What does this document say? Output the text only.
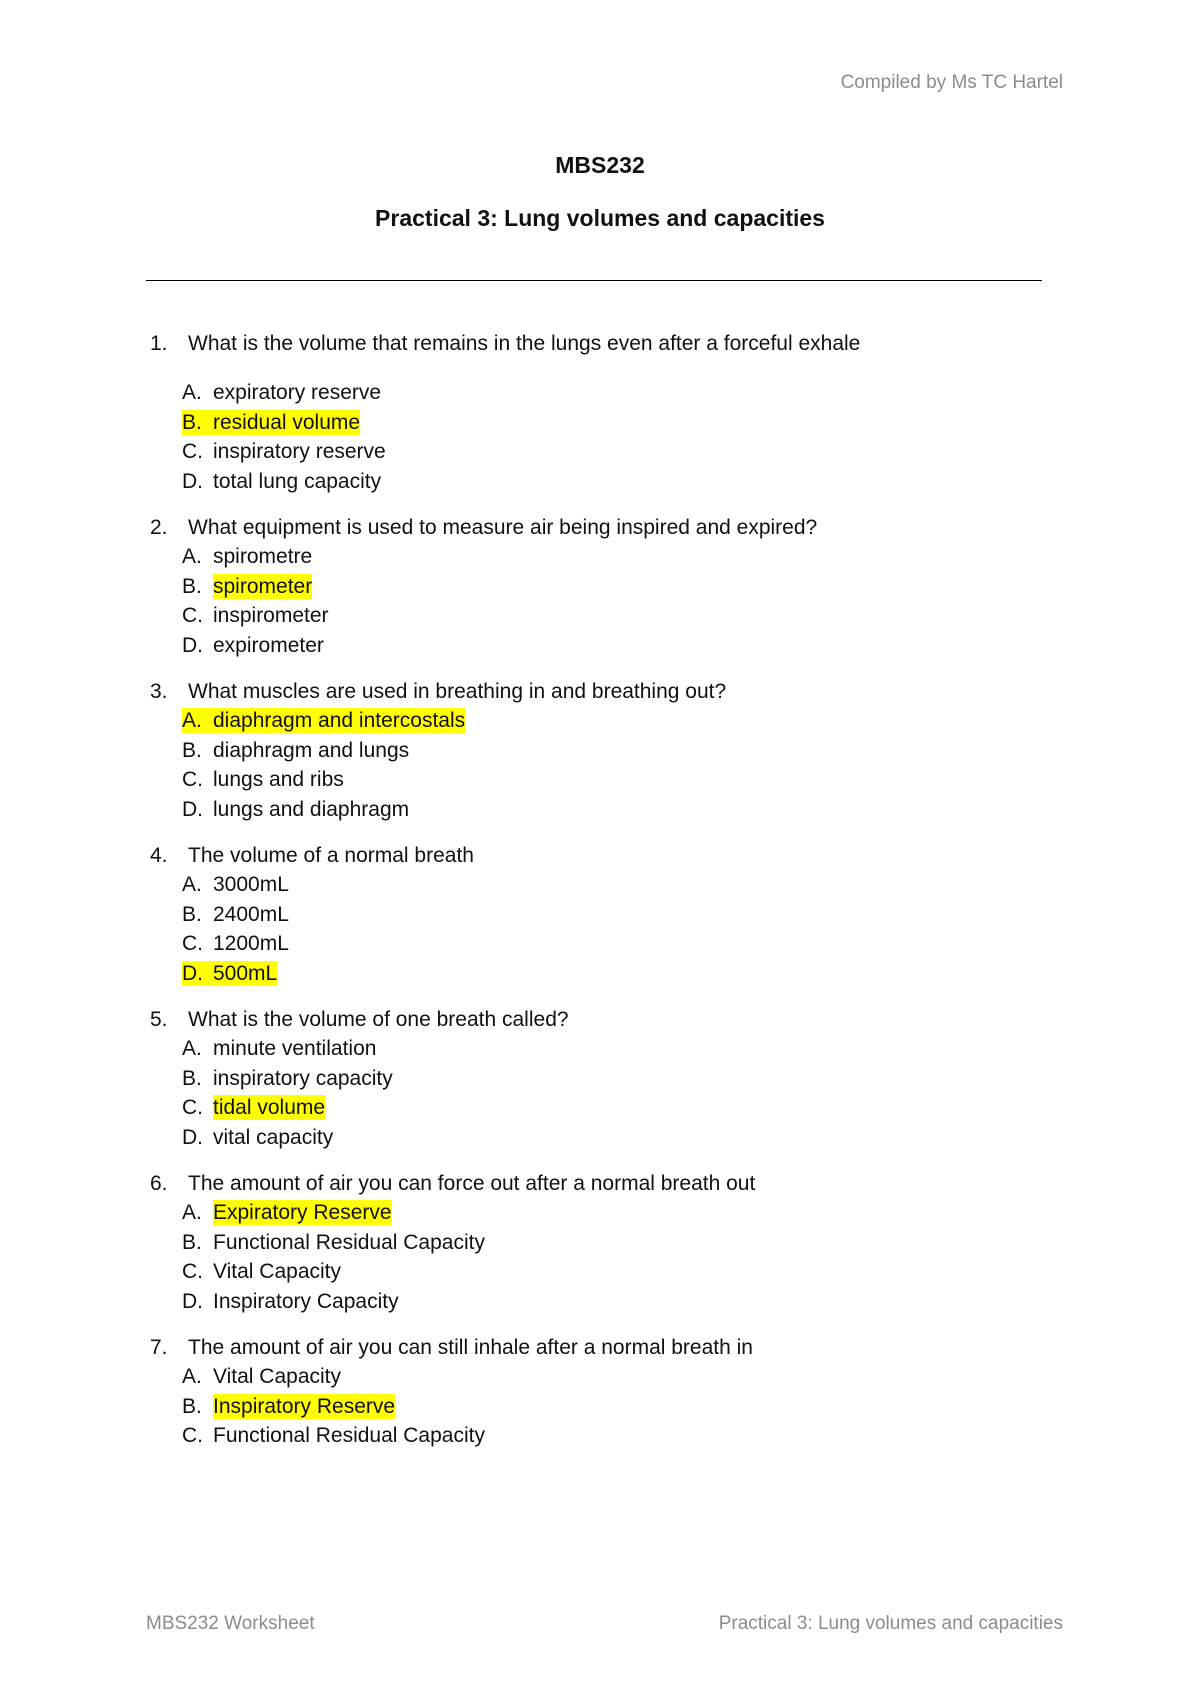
Compiled by Ms TC Hartel
MBS232
Practical 3: Lung volumes and capacities
1. What is the volume that remains in the lungs even after a forceful exhale
A. expiratory reserve
B. residual volume
C. inspiratory reserve
D. total lung capacity
2. What equipment is used to measure air being inspired and expired?
A. spirometre
B. spirometer
C. inspirometer
D. expirometer
3. What muscles are used in breathing in and breathing out?
A. diaphragm and intercostals
B. diaphragm and lungs
C. lungs and ribs
D. lungs and diaphragm
4. The volume of a normal breath
A. 3000mL
B. 2400mL
C. 1200mL
D. 500mL
5. What is the volume of one breath called?
A. minute ventilation
B. inspiratory capacity
C. tidal volume
D. vital capacity
6. The amount of air you can force out after a normal breath out
A. Expiratory Reserve
B. Functional Residual Capacity
C. Vital Capacity
D. Inspiratory Capacity
7. The amount of air you can still inhale after a normal breath in
A. Vital Capacity
B. Inspiratory Reserve
C. Functional Residual Capacity
MBS232 Worksheet	Practical 3: Lung volumes and capacities
